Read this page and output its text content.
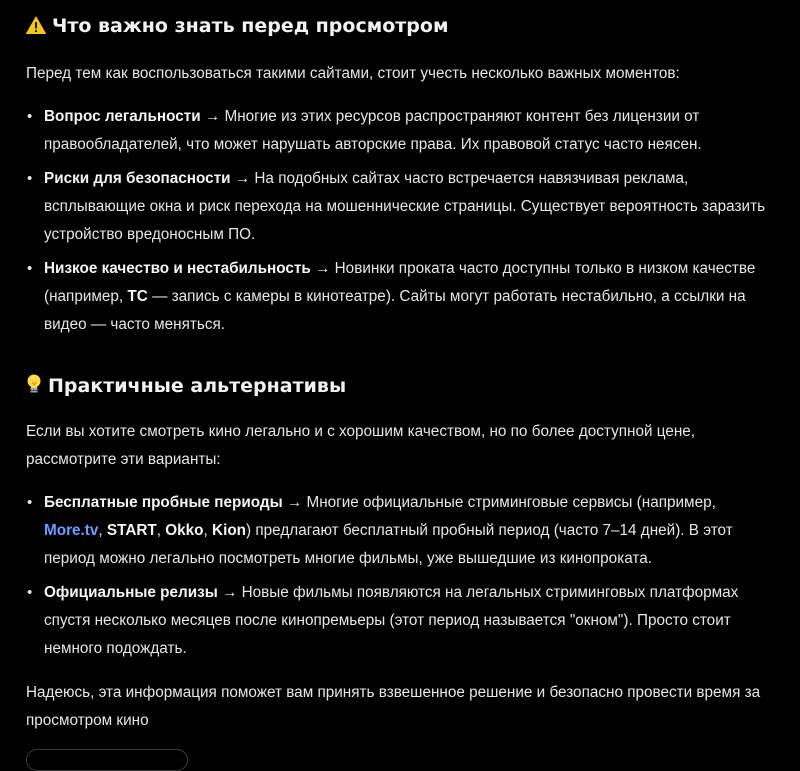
Что важно знать перед просмотром
Перед тем как воспользоваться такими сайтами, стоит учесть несколько важных моментов:
• Вопрос легальности → Многие из этих ресурсов распространяют контент без лицензии от правообладателей, что может нарушать авторские права. Их правовой статус часто неясен.
• Риски для безопасности → На подобных сайтах часто встречается навязчивая реклама, всплывающие окна и риск перехода на мошеннические страницы. Существует вероятность заразить устройство вредоносным ПО.
• Низкое качество и нестабильность → Новинки проката часто доступны только в низком качестве (например, TC — запись с камеры в кинотеатре). Сайты могут работать нестабильно, а ссылки на видео — часто меняться.
Практичные альтернативы
Если вы хотите смотреть кино легально и с хорошим качеством, но по более доступной цене, рассмотрите эти варианты:
• Бесплатные пробные периоды → Многие официальные стриминговые сервисы (например, More.tv, START, Okko, Kion) предлагают бесплатный пробный период (часто 7–14 дней). В этот период можно легально посмотреть многие фильмы, уже вышедшие из кинопроката.
• Официальные релизы → Новые фильмы появляются на легальных стриминговых платформах спустя несколько месяцев после кинопремьеры (этот период называется "окном"). Просто стоит немного подождать.
Надеюсь, эта информация поможет вам принять взвешенное решение и безопасно провести время за просмотром кино
